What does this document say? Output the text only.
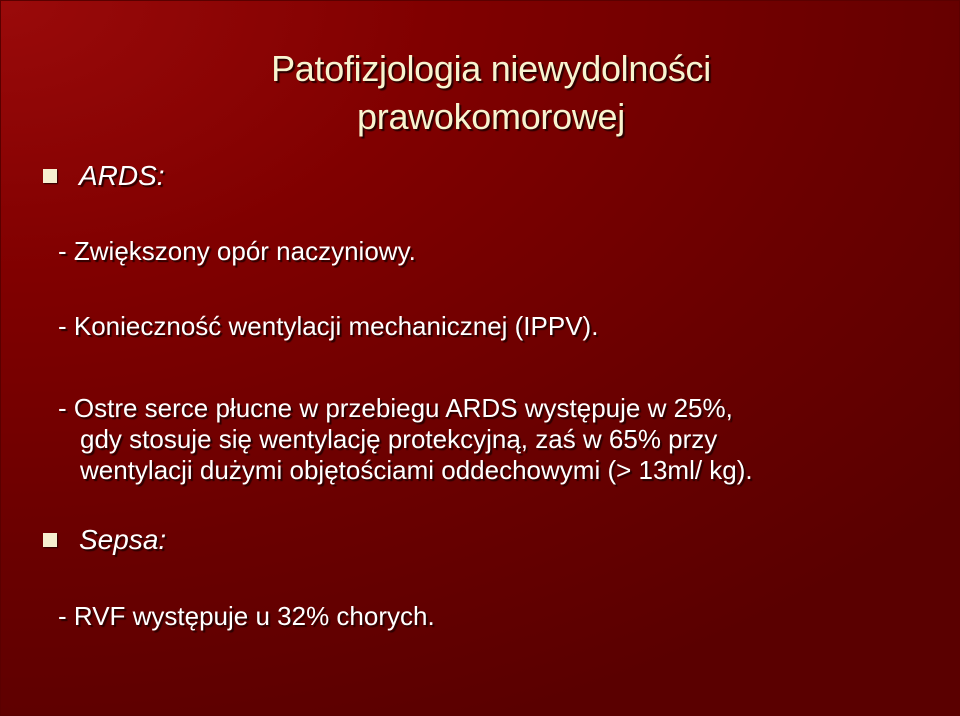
Patofizjologia niewydolności
prawokomorowej
ARDS:

- Zwiększony opór naczyniowy.

- Konieczność wentylacji mechanicznej (IPPV).

- Ostre serce płucne w przebiegu ARDS występuje w 25%,
gdy stosuje się wentylację protekcyjną, zaś w 65% przy
wentylacji dużymi objętościami oddechowymi (> 13ml/ kg).

Sepsa:

- RVF występuje u 32% chorych.
